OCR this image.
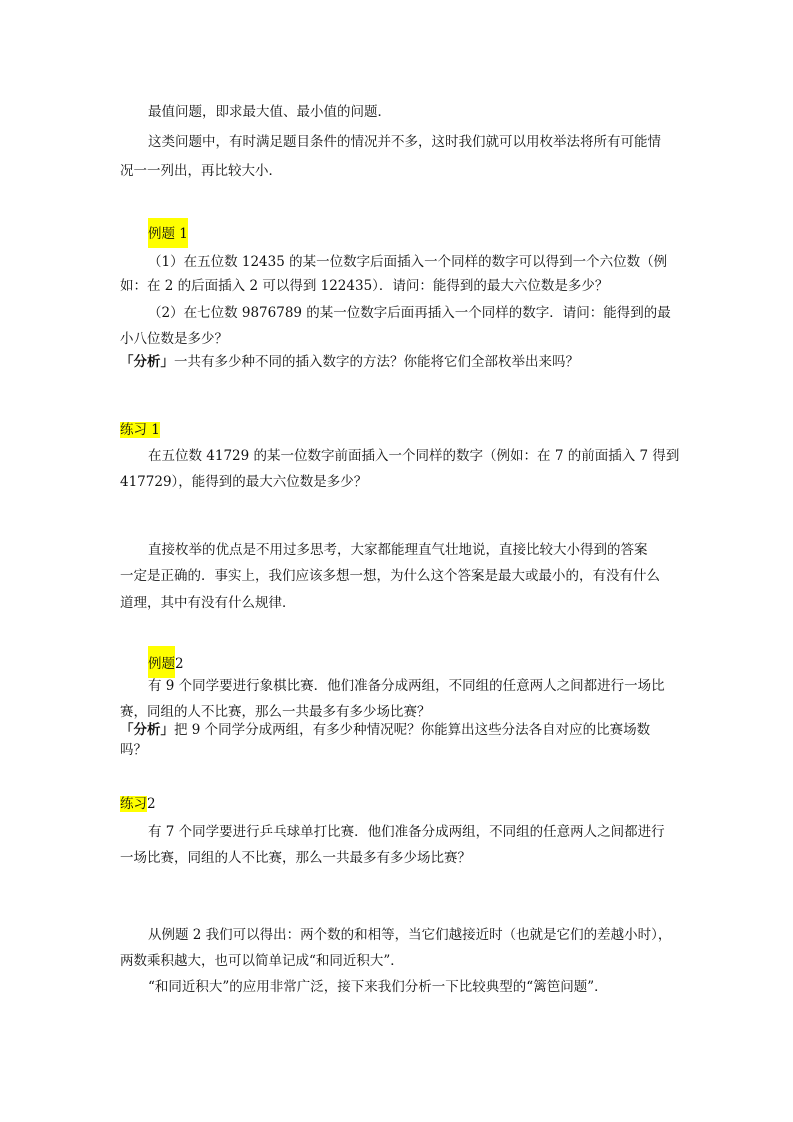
最值问题，即求最大值、最小值的问题．
这类问题中，有时满足题目条件的情况并不多，这时我们就可以用枚举法将所有可能情
况一一列出，再比较大小．
例题 1
（1）在五位数 12435 的某一位数字后面插入一个同样的数字可以得到一个六位数（例
如：在 2 的后面插入 2 可以得到 122435）．请问：能得到的最大六位数是多少？
（2）在七位数 9876789 的某一位数字后面再插入一个同样的数字．请问：能得到的最
小八位数是多少？
「分析」一共有多少种不同的插入数字的方法？你能将它们全部枚举出来吗？
练习 1
在五位数 41729 的某一位数字前面插入一个同样的数字（例如：在 7 的前面插入 7 得到
417729），能得到的最大六位数是多少？
直接枚举的优点是不用过多思考，大家都能理直气壮地说，直接比较大小得到的答案
一定是正确的．事实上，我们应该多想一想，为什么这个答案是最大或最小的，有没有什么
道理，其中有没有什么规律．
例题2
有 9 个同学要进行象棋比赛．他们准备分成两组，不同组的任意两人之间都进行一场比
赛，同组的人不比赛，那么一共最多有多少场比赛？
「分析」把 9 个同学分成两组，有多少种情况呢？你能算出这些分法各自对应的比赛场数
吗？
练习2
有 7 个同学要进行乒乓球单打比赛．他们准备分成两组，不同组的任意两人之间都进行
一场比赛，同组的人不比赛，那么一共最多有多少场比赛？
从例题 2 我们可以得出：两个数的和相等，当它们越接近时（也就是它们的差越小时），
两数乘积越大，也可以简单记成“和同近积大”．
“和同近积大”的应用非常广泛，接下来我们分析一下比较典型的“篱笆问题”．
